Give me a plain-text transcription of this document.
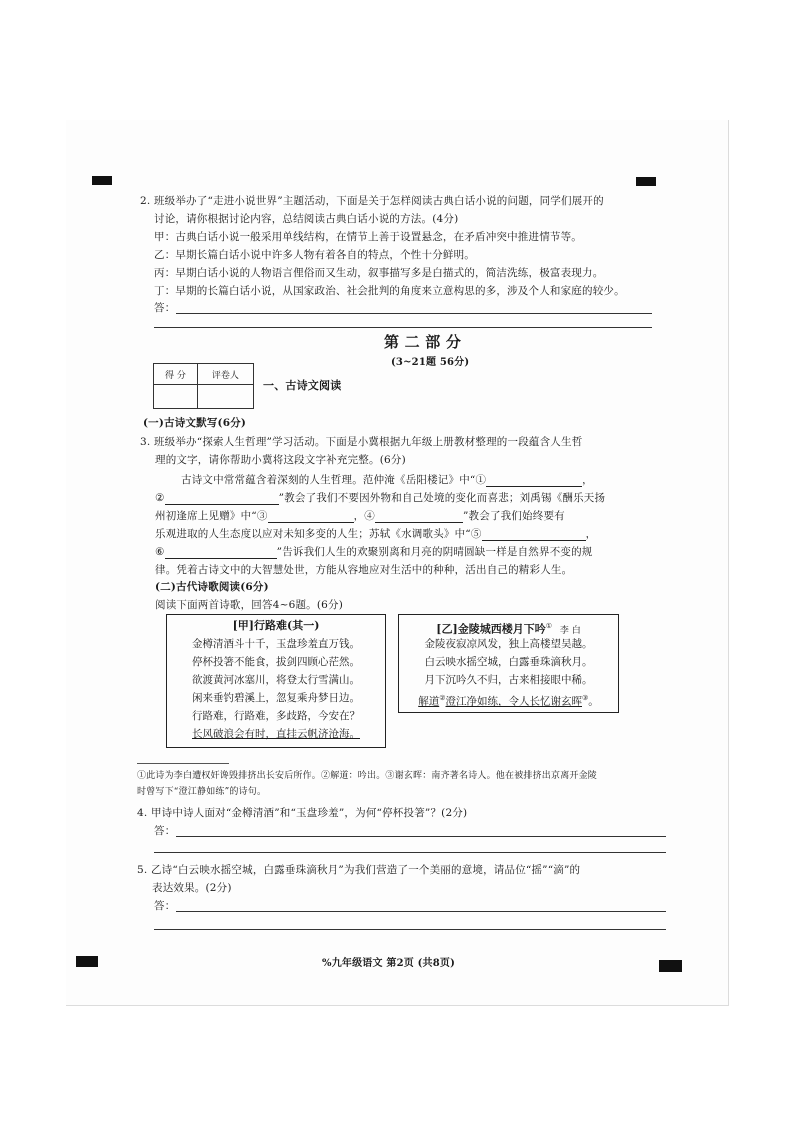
2. 班级举办了“走进小说世界”主题活动，下面是关于怎样阅读古典白话小说的问题，同学们展开的
讨论，请你根据讨论内容，总结阅读古典白话小说的方法。(4分)
甲：古典白话小说一般采用单线结构，在情节上善于设置悬念，在矛盾冲突中推进情节等。
乙：早期长篇白话小说中许多人物有着各自的特点，个性十分鲜明。
丙：早期白话小说的人物语言俚俗而又生动，叙事描写多是白描式的，简洁洗练，极富表现力。
丁：早期的长篇白话小说，从国家政治、社会批判的角度来立意构思的多，涉及个人和家庭的较少。
答：
第 二 部 分
(3~21题 56分)
得 分	评卷人

一、古诗文阅读
(一)古诗文默写(6分)
3. 班级举办“探索人生哲理”学习活动。下面是小冀根据九年级上册教材整理的一段蕴含人生哲
理的文字，请你帮助小冀将这段文字补充完整。(6分)
古诗文中常常蕴含着深刻的人生哲理。范仲淹《岳阳楼记》中“①	，
②	”教会了我们不要因外物和自己处境的变化而喜悲；刘禹锡《酬乐天扬
州初逢席上见赠》中“③	，④	”教会了我们始终要有
乐观进取的人生态度以应对未知多变的人生；苏轼《水调歌头》中“⑤	，
⑥	”告诉我们人生的欢聚别离和月亮的阴晴圆缺一样是自然界不变的规
律。凭着古诗文中的大智慧处世，方能从容地应对生活中的种种，活出自己的精彩人生。
(二)古代诗歌阅读(6分)
阅读下面两首诗歌，回答4~6题。(6分)
[甲]行路难(其一)
金樽清酒斗十千，玉盘珍羞直万钱。
停杯投箸不能食，拔剑四顾心茫然。
欲渡黄河冰塞川，将登太行雪满山。
闲来垂钓碧溪上，忽复乘舟梦日边。
行路难，行路难，多歧路，今安在？
长风破浪会有时，直挂云帆济沧海。
[乙]金陵城西楼月下吟① 李 白
金陵夜寂凉风发，独上高楼望吴越。
白云映水摇空城，白露垂珠滴秋月。
月下沉吟久不归，古来相接眼中稀。
解道②澄江净如练，令人长忆谢玄晖③。
①此诗为李白遭权奸谗毁排挤出长安后所作。②解道：吟出。③谢玄晖：南齐著名诗人。他在被排挤出京离开金陵
时曾写下“澄江静如练”的诗句。
4. 甲诗中诗人面对“金樽清酒”和“玉盘珍羞”，为何“停杯投箸”？(2分)
答：
5. 乙诗“白云映水摇空城，白露垂珠滴秋月”为我们营造了一个美丽的意境，请品位“摇”“滴”的
表达效果。(2分)
答：
%九年级语文 第2页 (共8页)
